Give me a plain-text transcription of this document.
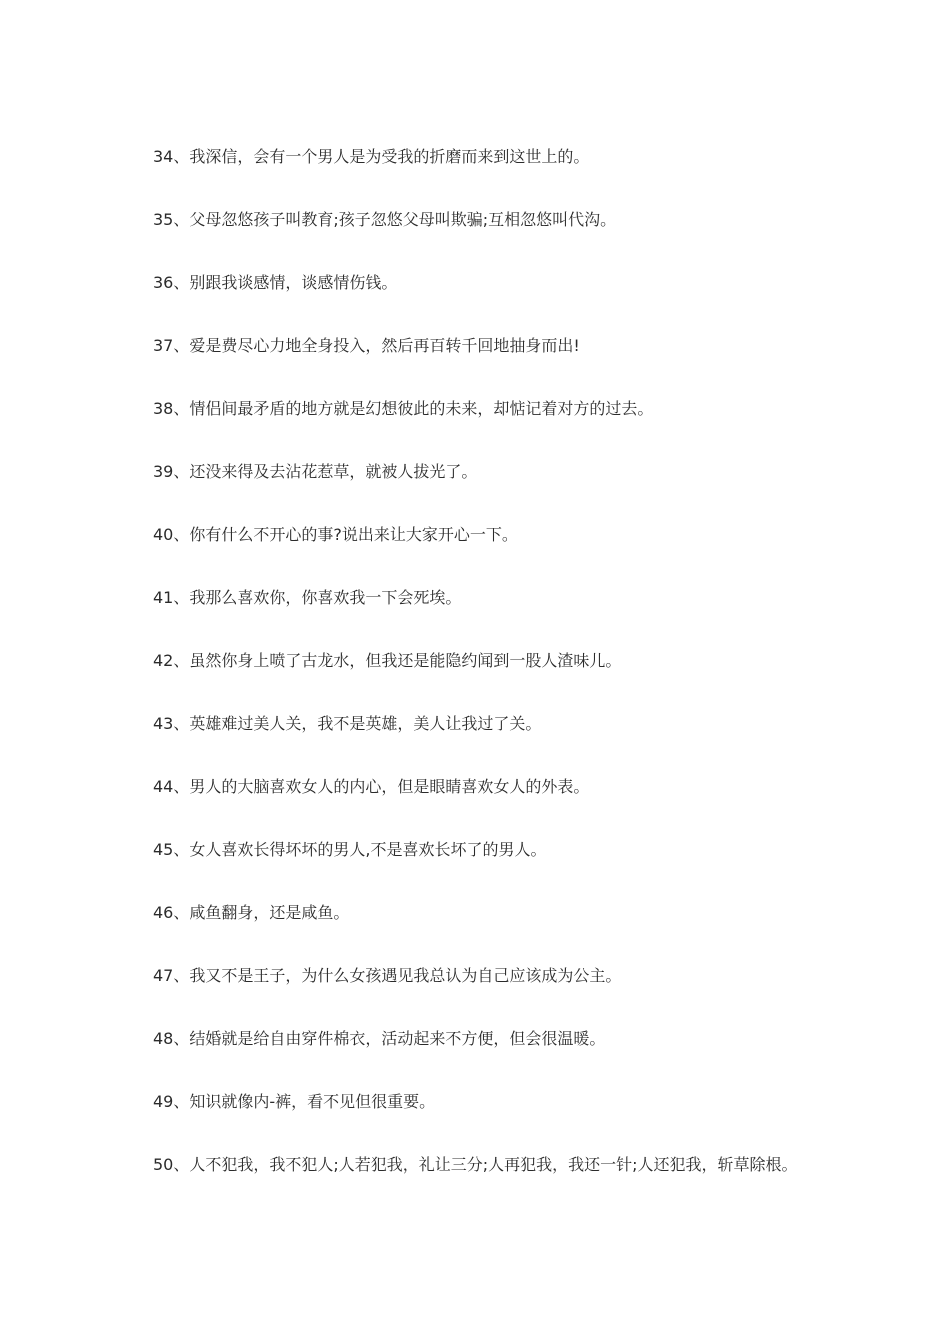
34、我深信，会有一个男人是为受我的折磨而来到这世上的。
35、父母忽悠孩子叫教育;孩子忽悠父母叫欺骗;互相忽悠叫代沟。
36、别跟我谈感情，谈感情伤钱。
37、爱是费尽心力地全身投入，然后再百转千回地抽身而出!
38、情侣间最矛盾的地方就是幻想彼此的未来，却惦记着对方的过去。
39、还没来得及去沾花惹草，就被人拔光了。
40、你有什么不开心的事?说出来让大家开心一下。
41、我那么喜欢你，你喜欢我一下会死埃。
42、虽然你身上喷了古龙水，但我还是能隐约闻到一股人渣味儿。
43、英雄难过美人关，我不是英雄，美人让我过了关。
44、男人的大脑喜欢女人的内心，但是眼睛喜欢女人的外表。
45、女人喜欢长得坏坏的男人,不是喜欢长坏了的男人。
46、咸鱼翻身，还是咸鱼。
47、我又不是王子，为什么女孩遇见我总认为自己应该成为公主。
48、结婚就是给自由穿件棉衣，活动起来不方便，但会很温暖。
49、知识就像内-裤，看不见但很重要。
50、人不犯我，我不犯人;人若犯我，礼让三分;人再犯我，我还一针;人还犯我，斩草除根。
